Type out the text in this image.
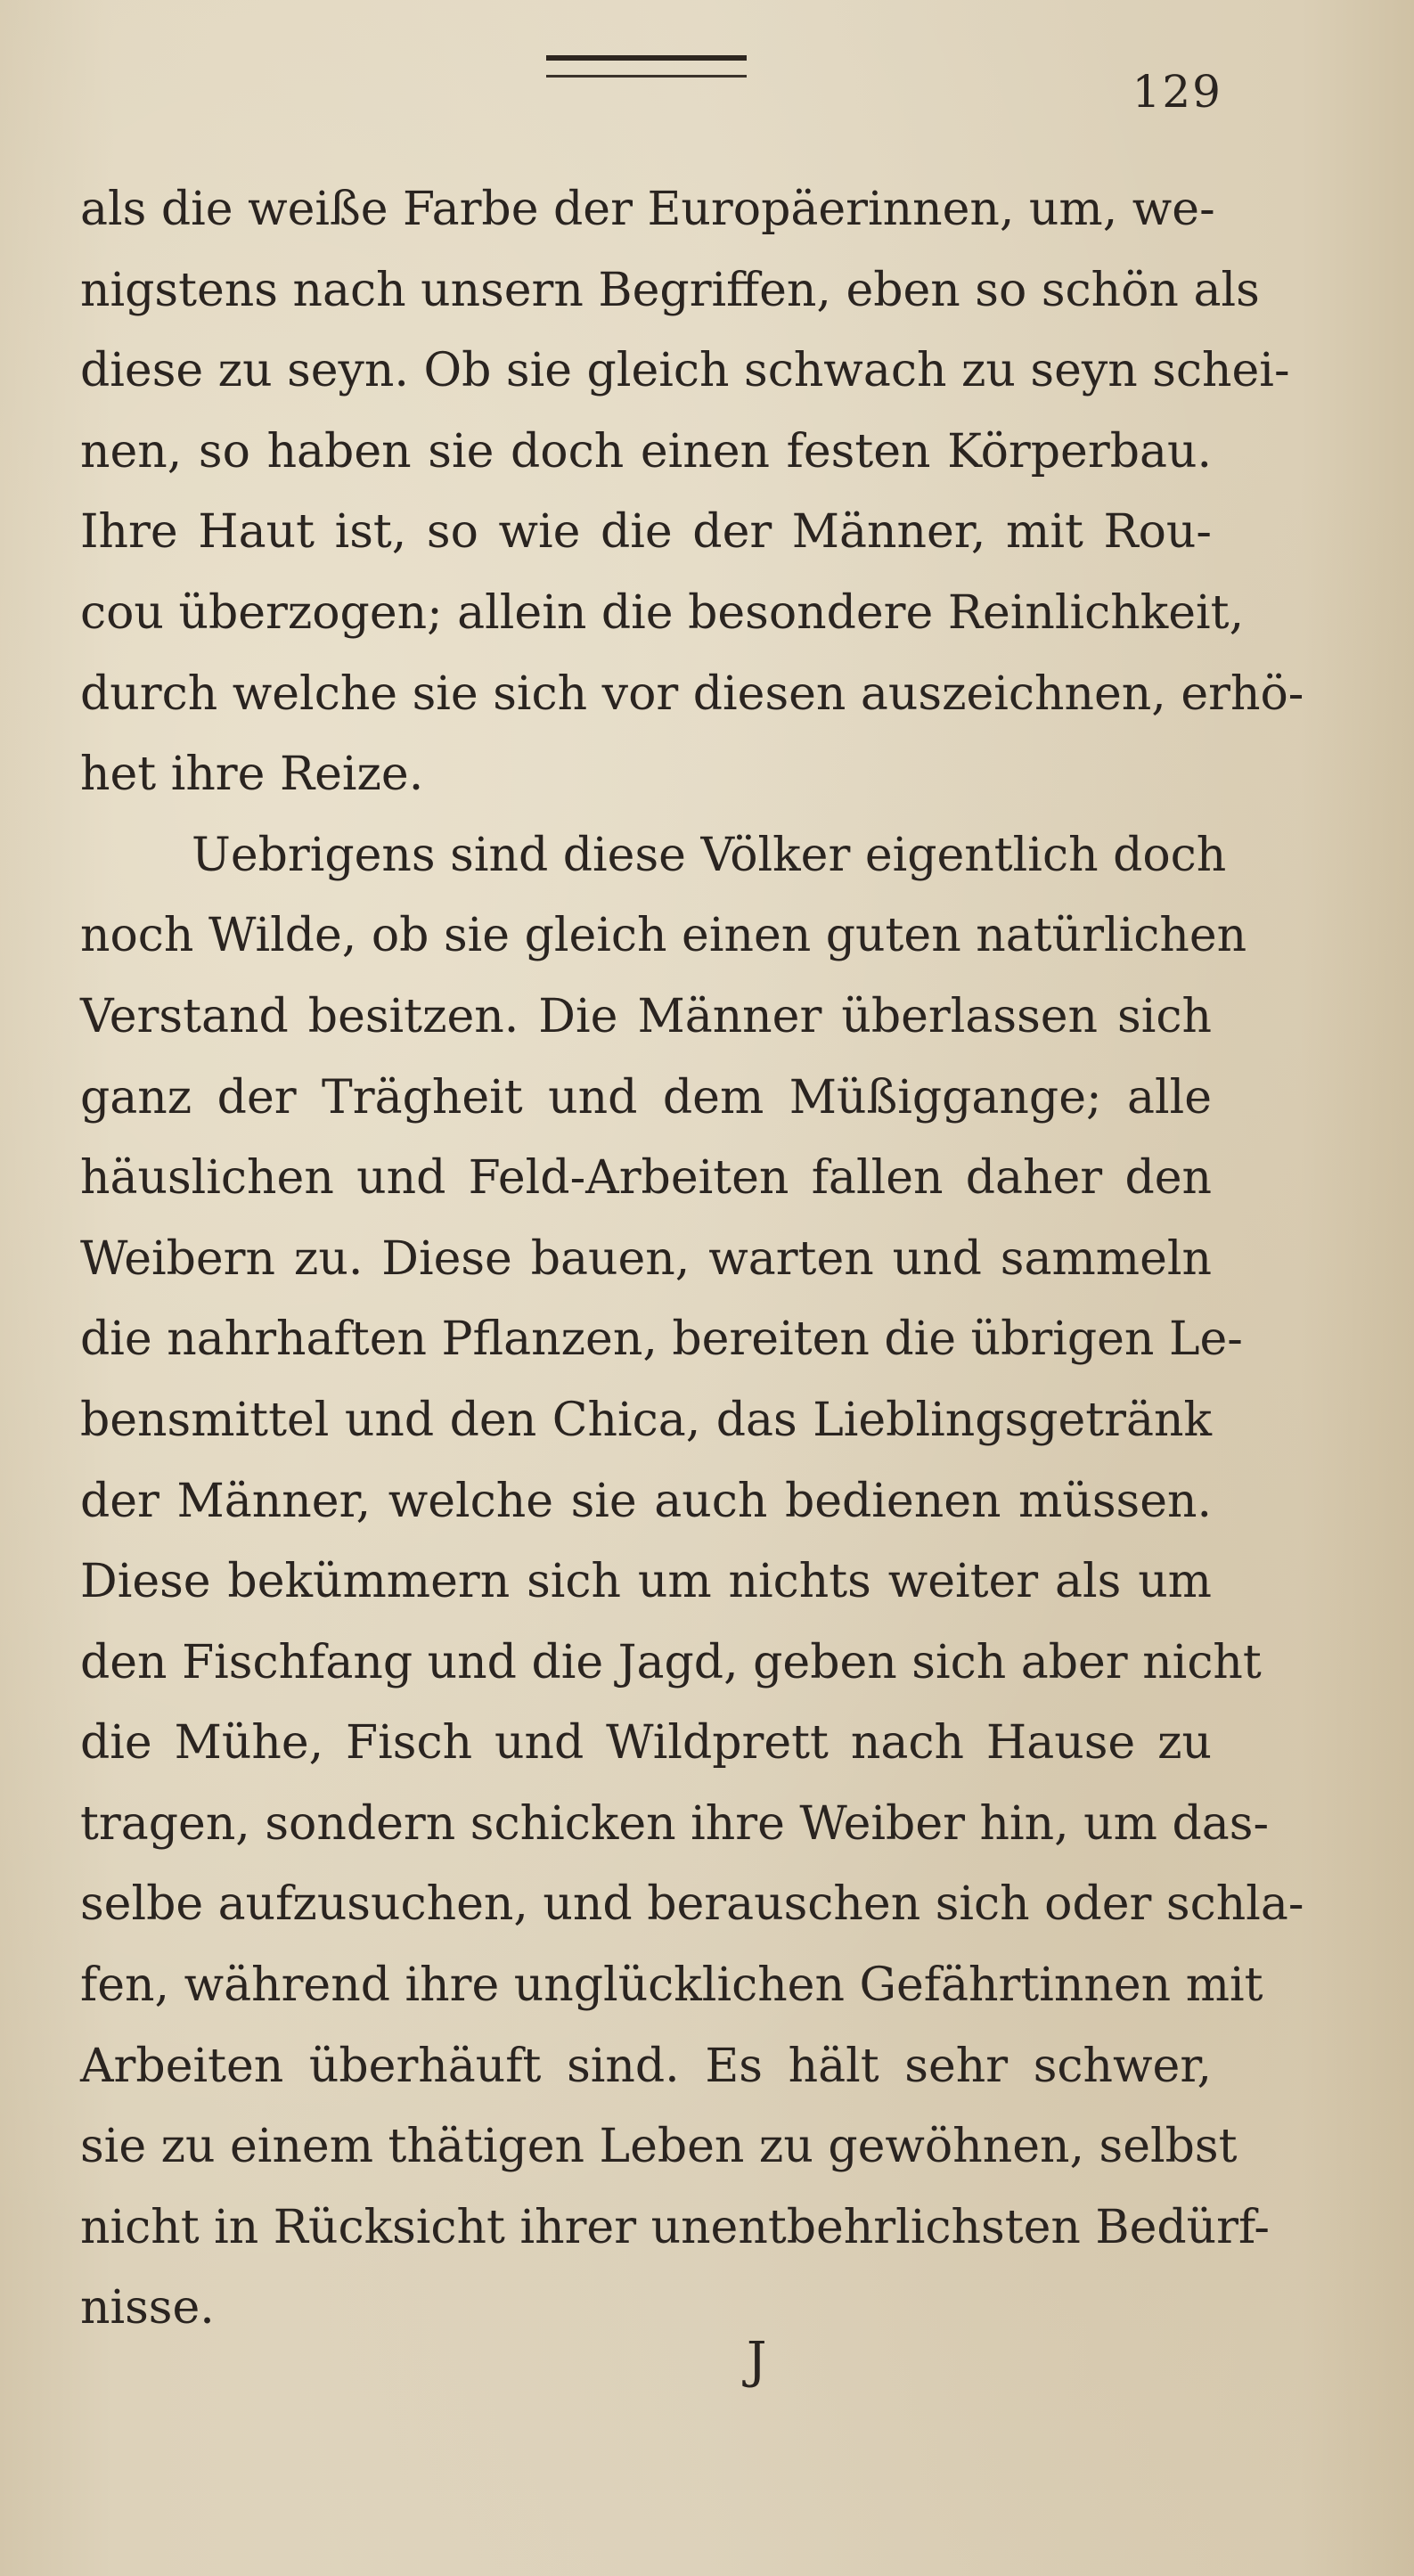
129
als die weiße Farbe der Europäerinnen, um, we-
nigstens nach unsern Begriffen, eben so schön als
diese zu seyn. Ob sie gleich schwach zu seyn schei-
nen, so haben sie doch einen festen Körperbau.
Ihre Haut ist, so wie die der Männer, mit Rou-
cou überzogen; allein die besondere Reinlichkeit,
durch welche sie sich vor diesen auszeichnen, erhö-
het ihre Reize.
Uebrigens sind diese Völker eigentlich doch
noch Wilde, ob sie gleich einen guten natürlichen
Verstand besitzen. Die Männer überlassen sich
ganz der Trägheit und dem Müßiggange; alle
häuslichen und Feld-Arbeiten fallen daher den
Weibern zu. Diese bauen, warten und sammeln
die nahrhaften Pflanzen, bereiten die übrigen Le-
bensmittel und den Chica, das Lieblingsgetränk
der Männer, welche sie auch bedienen müssen.
Diese bekümmern sich um nichts weiter als um
den Fischfang und die Jagd, geben sich aber nicht
die Mühe, Fisch und Wildprett nach Hause zu
tragen, sondern schicken ihre Weiber hin, um das-
selbe aufzusuchen, und berauschen sich oder schla-
fen, während ihre unglücklichen Gefährtinnen mit
Arbeiten überhäuft sind. Es hält sehr schwer,
sie zu einem thätigen Leben zu gewöhnen, selbst
nicht in Rücksicht ihrer unentbehrlichsten Bedürf-
nisse.
J
